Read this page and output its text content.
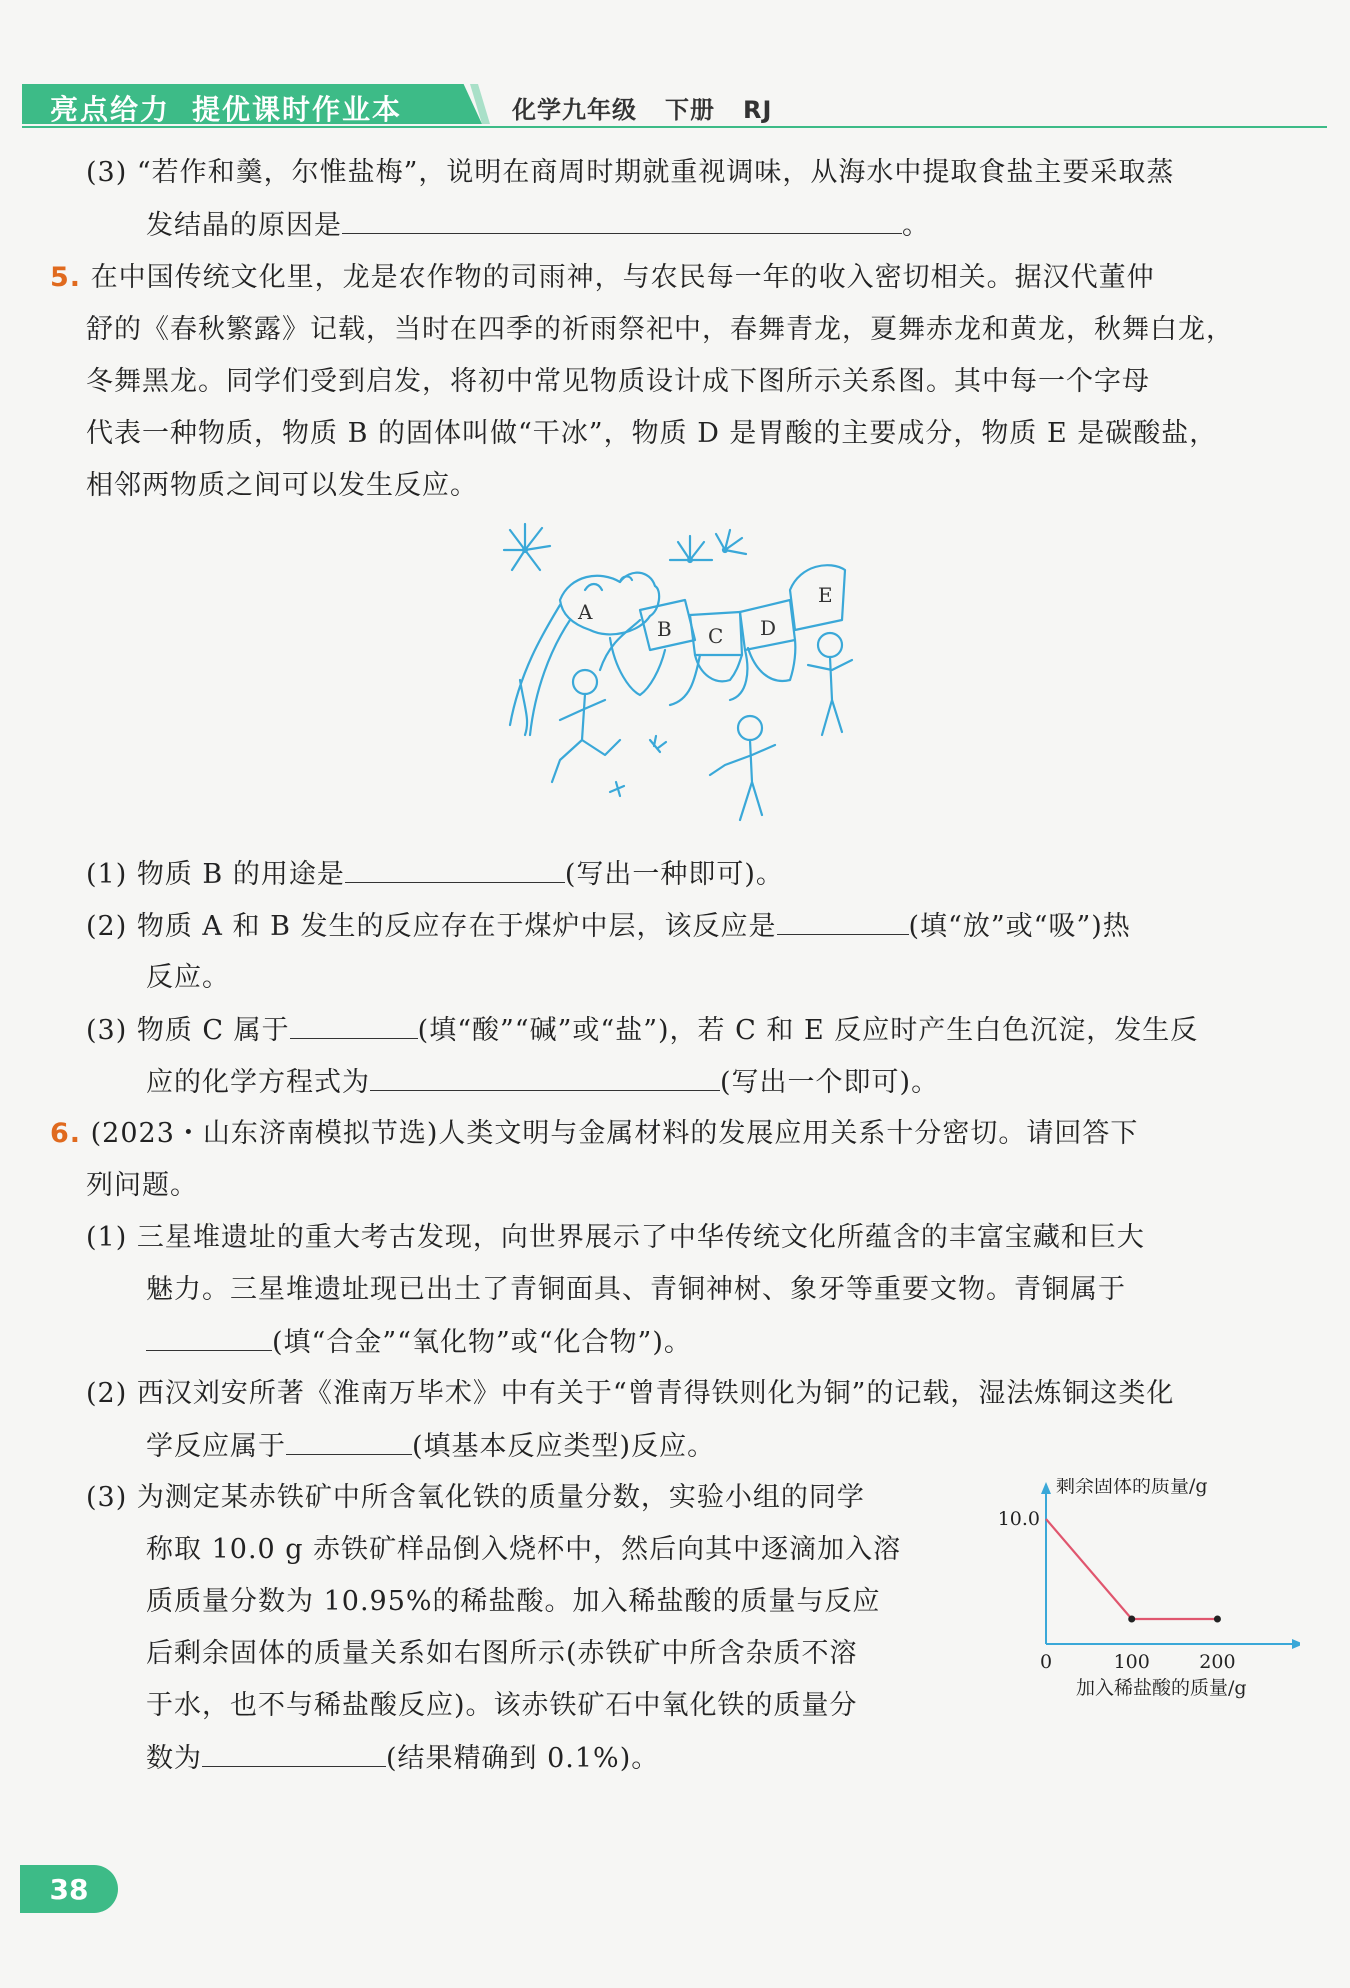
亮点给力 提优课时作业本	化学九年级 下册 RJ
(3) “若作和羹，尔惟盐梅”，说明在商周时期就重视调味，从海水中提取食盐主要采取蒸
发结晶的原因是	。
5. 在中国传统文化里，龙是农作物的司雨神，与农民每一年的收入密切相关。据汉代董仲
舒的《春秋繁露》记载，当时在四季的祈雨祭祀中，春舞青龙，夏舞赤龙和黄龙，秋舞白龙，
冬舞黑龙。同学们受到启发，将初中常见物质设计成下图所示关系图。其中每一个字母
代表一种物质，物质 B 的固体叫做“干冰”，物质 D 是胃酸的主要成分，物质 E 是碳酸盐，
相邻两物质之间可以发生反应。
A
B C D
E
(1) 物质 B 的用途是	(写出一种即可)。
(2) 物质 A 和 B 发生的反应存在于煤炉中层，该反应是	(填“放”或“吸”)热
反应。
(3) 物质 C 属于	(填“酸”“碱”或“盐”)，若 C 和 E 反应时产生白色沉淀，发生反
应的化学方程式为	(写出一个即可)。
6. (2023・山东济南模拟节选)人类文明与金属材料的发展应用关系十分密切。请回答下
列问题。
(1) 三星堆遗址的重大考古发现，向世界展示了中华传统文化所蕴含的丰富宝藏和巨大
魅力。三星堆遗址现已出土了青铜面具、青铜神树、象牙等重要文物。青铜属于
(填“合金”“氧化物”或“化合物”)。
(2) 西汉刘安所著《淮南万毕术》中有关于“曾青得铁则化为铜”的记载，湿法炼铜这类化
学反应属于	(填基本反应类型)反应。
(3) 为测定某赤铁矿中所含氧化铁的质量分数，实验小组的同学
称取 10.0 g 赤铁矿样品倒入烧杯中，然后向其中逐滴加入溶
质质量分数为 10.95%的稀盐酸。加入稀盐酸的质量与反应
后剩余固体的质量关系如右图所示(赤铁矿中所含杂质不溶
于水，也不与稀盐酸反应)。该赤铁矿石中氧化铁的质量分
数为	(结果精确到 0.1%)。
剩余固体的质量/g
加入稀盐酸的质量/g
0	100	200
10.0
38
